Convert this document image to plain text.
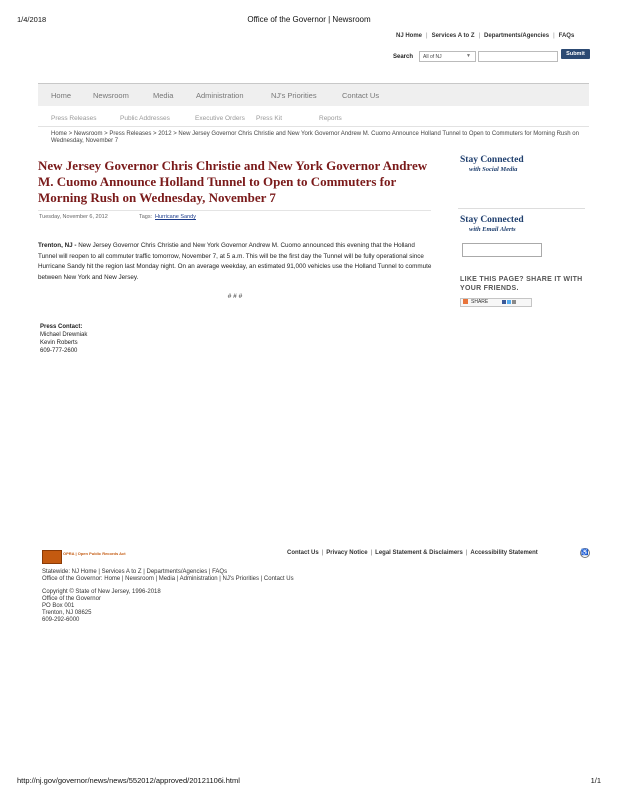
1/4/2018	Office of the Governor | Newsroom
NJ Home | Services A to Z | Departments/Agencies | FAQs
Search	All of NJ	▼	Submit
Home	Newsroom	Media	Administration	NJ's Priorities	Contact Us
Press Releases	Public Addresses	Executive Orders Press Kit	Reports
Home > Newsroom > Press Releases > 2012 > New Jersey Governor Chris Christie and New York Governor Andrew M. Cuomo Announce Holland Tunnel to Open to Commuters for Morning Rush on Wednesday, November 7
New Jersey Governor Chris Christie and New York Governor Andrew M. Cuomo Announce Holland Tunnel to Open to Commuters for Morning Rush on Wednesday, November 7
Tuesday, November 6, 2012	Tags: Hurricane Sandy
Trenton, NJ - New Jersey Governor Chris Christie and New York Governor Andrew M. Cuomo announced this evening that the Holland Tunnel will reopen to all commuter traffic tomorrow, November 7, at 5 a.m. This will be the first day the Tunnel will be fully operational since Hurricane Sandy hit the region last Monday night. On an average weekday, an estimated 91,000 vehicles use the Holland Tunnel to commute between New York and New Jersey.
# # #
Press Contact:
Michael Drewniak
Kevin Roberts
609-777-2600
Stay Connected
with Social Media
Stay Connected
with Email Alerts
LIKE THIS PAGE? SHARE IT WITH YOUR FRIENDS.
SHARE
OPRA | Open Public Records Act	Contact Us | Privacy Notice | Legal Statement & Disclaimers | Accessibility Statement	♿
Statewide: NJ Home | Services A to Z | Departments/Agencies | FAQs
Office of the Governor: Home | Newsroom | Media | Administration | NJ's Priorities | Contact Us
Copyright © State of New Jersey, 1996-2018
Office of the Governor
PO Box 001
Trenton, NJ 08625
609-292-6000
http://nj.gov/governor/news/news/552012/approved/20121106i.html	1/1
